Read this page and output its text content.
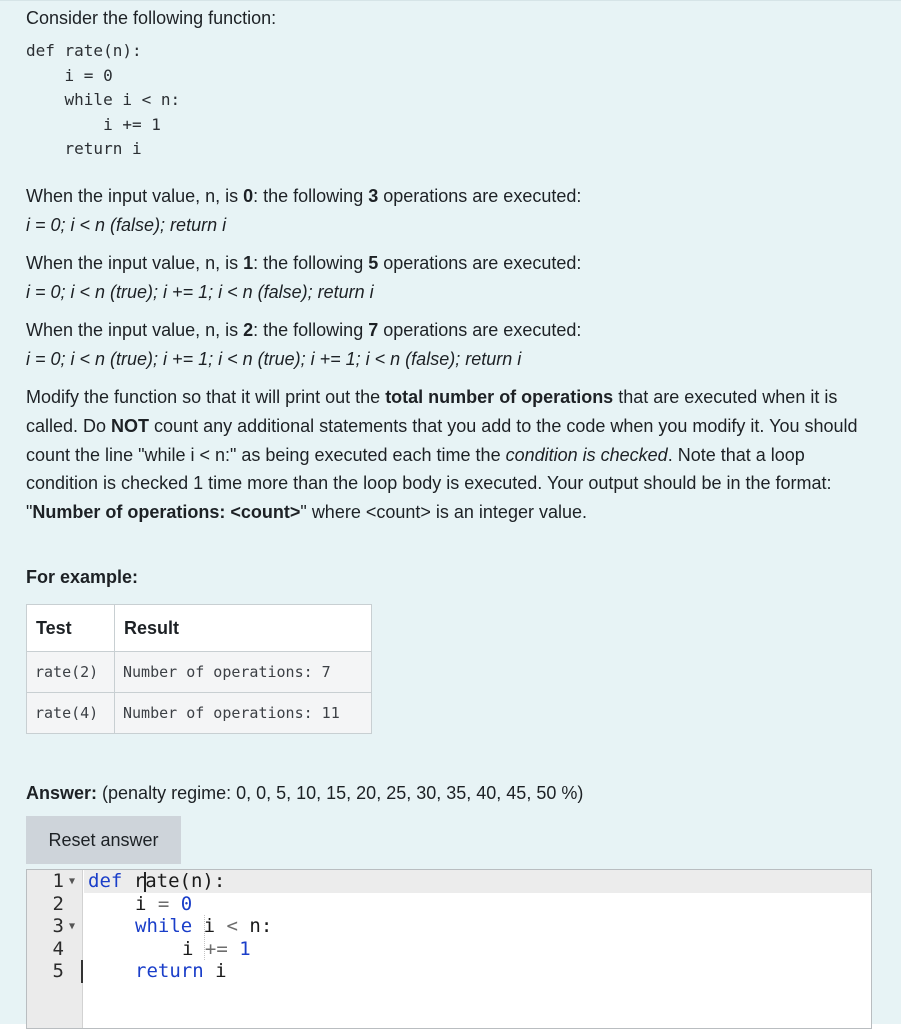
Consider the following function:
def rate(n):
i = 0
while i < n:
i += 1
return i

When the input value, n, is 0: the following 3 operations are executed:

i = 0; i < n (false); return i

When the input value, n, is 1: the following 5 operations are executed:

i = 0; i < n (true); i += 1; i < n (false); return i

When the input value, n, is 2: the following 7 operations are executed:

i = 0; i < n (true); i += 1; i < n (true); i += 1; i < n (false); return i

Modify the function so that it will print out the total number of operations that are executed when it is called. Do NOT count any additional statements that you add to the code when you modify it. You should count the line "while i < n:" as being executed each time the condition is checked. Note that a loop condition is checked 1 time more than the loop body is executed. Your output should be in the format: "Number of operations: <count>" where <count> is an integer value.

For example:
Test	Result
rate(2)	Number of operations: 7
rate(4)	Number of operations: 11
Answer: (penalty regime: 0, 0, 5, 10, 15, 20, 25, 30, 35, 40, 45, 50 %)
Reset answer
1 ▼
2
3 ▼
4
5
def rate(n):
i = 0
while i < n:
i += 1
return i
